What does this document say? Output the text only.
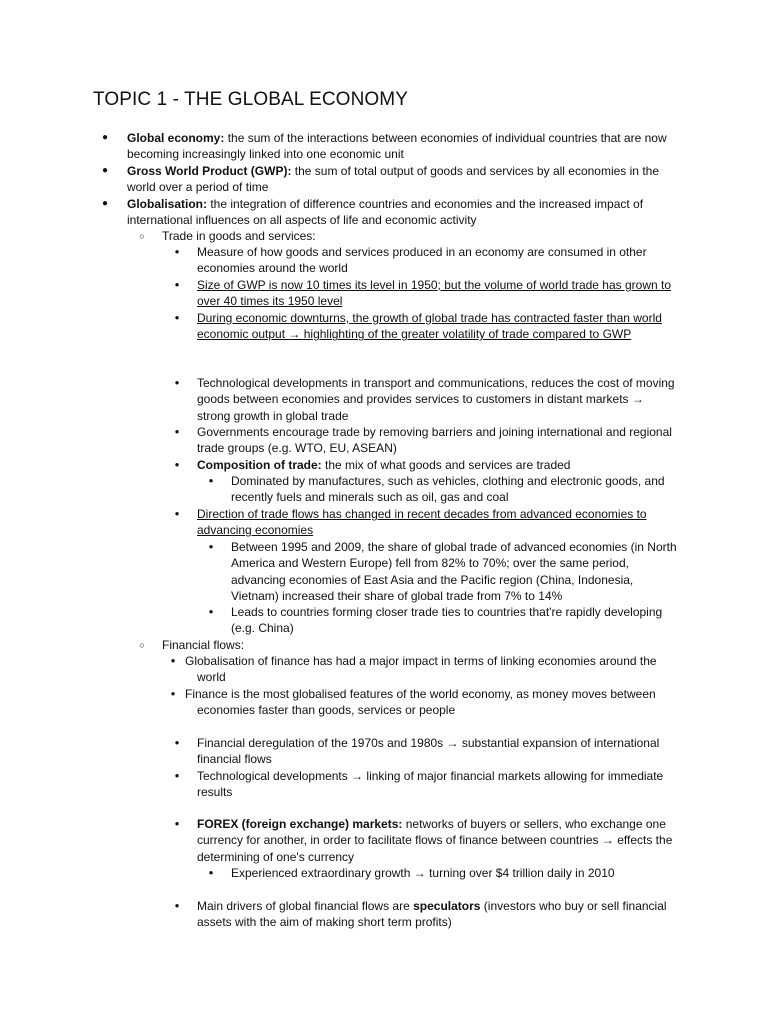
TOPIC 1 - THE GLOBAL ECONOMY
● Global economy: the sum of the interactions between economies of individual countries that are now becoming increasingly linked into one economic unit
● Gross World Product (GWP): the sum of total output of goods and services by all economies in the world over a period of time
● Globalisation: the integration of difference countries and economies and the increased impact of international influences on all aspects of life and economic activity
○ Trade in goods and services:
● Measure of how goods and services produced in an economy are consumed in other economies around the world
● Size of GWP is now 10 times its level in 1950; but the volume of world trade has grown to over 40 times its 1950 level
● During economic downturns, the growth of global trade has contracted faster than world economic output → highlighting of the greater volatility of trade compared to GWP
● Technological developments in transport and communications, reduces the cost of moving goods between economies and provides services to customers in distant markets → strong growth in global trade
● Governments encourage trade by removing barriers and joining international and regional trade groups (e.g. WTO, EU, ASEAN)
● Composition of trade: the mix of what goods and services are traded
● Dominated by manufactures, such as vehicles, clothing and electronic goods, and recently fuels and minerals such as oil, gas and coal
● Direction of trade flows has changed in recent decades from advanced economies to advancing economies
● Between 1995 and 2009, the share of global trade of advanced economies (in North America and Western Europe) fell from 82% to 70%; over the same period, advancing economies of East Asia and the Pacific region (China, Indonesia, Vietnam) increased their share of global trade from 7% to 14%
● Leads to countries forming closer trade ties to countries that're rapidly developing (e.g. China)
○ Financial flows:
● Globalisation of finance has had a major impact in terms of linking economies around the world
● Finance is the most globalised features of the world economy, as money moves between economies faster than goods, services or people
● Financial deregulation of the 1970s and 1980s → substantial expansion of international financial flows
● Technological developments → linking of major financial markets allowing for immediate results
● FOREX (foreign exchange) markets: networks of buyers or sellers, who exchange one currency for another, in order to facilitate flows of finance between countries → effects the determining of one's currency
● Experienced extraordinary growth → turning over $4 trillion daily in 2010
● Main drivers of global financial flows are speculators (investors who buy or sell financial assets with the aim of making short term profits)
